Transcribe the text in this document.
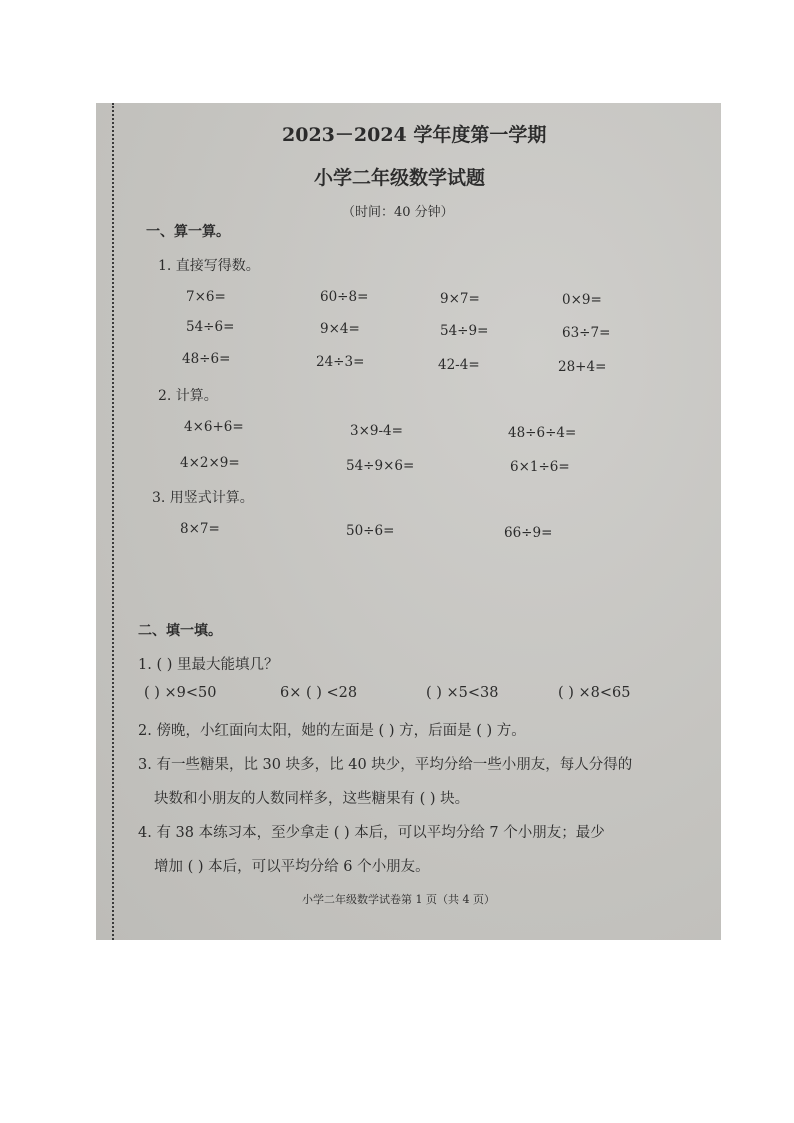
2023－2024 学年度第一学期
小学二年级数学试题
（时间：40 分钟）
一、算一算。
1. 直接写得数。
7×6=	60÷8=	9×7=	0×9=
54÷6=	9×4=	54÷9=	63÷7=
48÷6=	24÷3=	42-4=	28+4=
2. 计算。
4×6+6=	3×9-4=	48÷6÷4=
4×2×9=	54÷9×6=	6×1÷6=
3. 用竖式计算。
8×7=	50÷6=	66÷9=
二、填一填。
1. ( ) 里最大能填几？
( ) ×9<50	6× ( ) <28	( ) ×5<38	( ) ×8<65
2. 傍晚，小红面向太阳，她的左面是 ( ) 方，后面是 ( ) 方。
3. 有一些糖果，比 30 块多，比 40 块少，平均分给一些小朋友，每人分得的
块数和小朋友的人数同样多，这些糖果有 ( ) 块。
4. 有 38 本练习本，至少拿走 ( ) 本后，可以平均分给 7 个小朋友；最少
增加 ( ) 本后，可以平均分给 6 个小朋友。
小学二年级数学试卷第 1 页（共 4 页）
